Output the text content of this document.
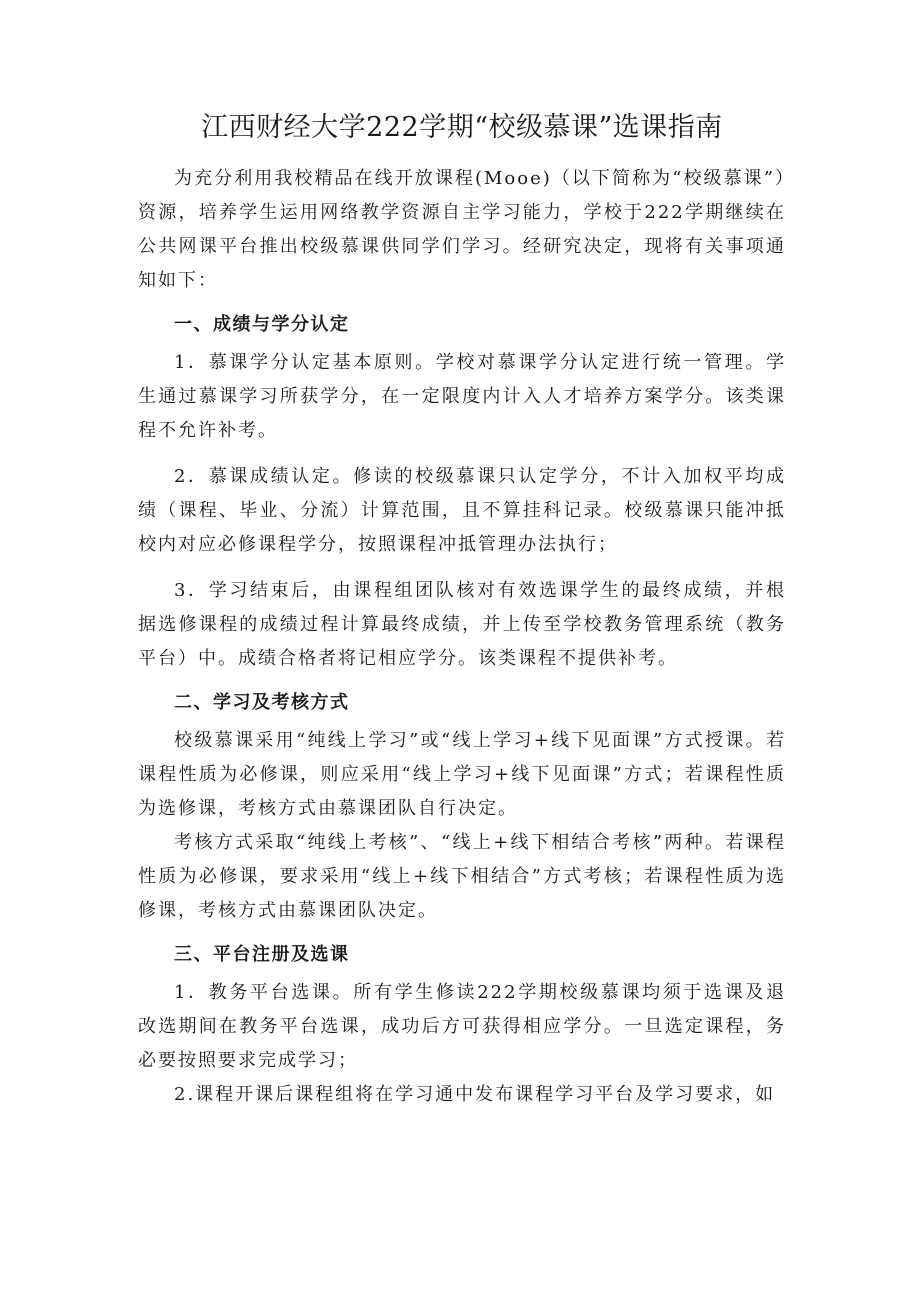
江西财经大学222学期“校级慕课”选课指南

为充分利用我校精品在线开放课程(Mooe)（以下简称为“校级慕课”）资源，培养学生运用网络教学资源自主学习能力，学校于222学期继续在公共网课平台推出校级慕课供同学们学习。经研究决定，现将有关事项通知如下：

一、成绩与学分认定

1．慕课学分认定基本原则。学校对慕课学分认定进行统一管理。学生通过慕课学习所获学分，在一定限度内计入人才培养方案学分。该类课程不允许补考。

2．慕课成绩认定。修读的校级慕课只认定学分，不计入加权平均成绩（课程、毕业、分流）计算范围，且不算挂科记录。校级慕课只能冲抵校内对应必修课程学分，按照课程冲抵管理办法执行；

3．学习结束后，由课程组团队核对有效选课学生的最终成绩，并根据选修课程的成绩过程计算最终成绩，并上传至学校教务管理系统（教务平台）中。成绩合格者将记相应学分。该类课程不提供补考。

二、学习及考核方式

校级慕课采用“纯线上学习”或“线上学习+线下见面课”方式授课。若课程性质为必修课，则应采用“线上学习+线下见面课”方式；若课程性质为选修课，考核方式由慕课团队自行决定。

考核方式采取“纯线上考核”、“线上+线下相结合考核”两种。若课程性质为必修课，要求采用“线上+线下相结合”方式考核；若课程性质为选修课，考核方式由慕课团队决定。

三、平台注册及选课

1．教务平台选课。所有学生修读222学期校级慕课均须于选课及退改选期间在教务平台选课，成功后方可获得相应学分。一旦选定课程，务必要按照要求完成学习；

2.课程开课后课程组将在学习通中发布课程学习平台及学习要求，如
